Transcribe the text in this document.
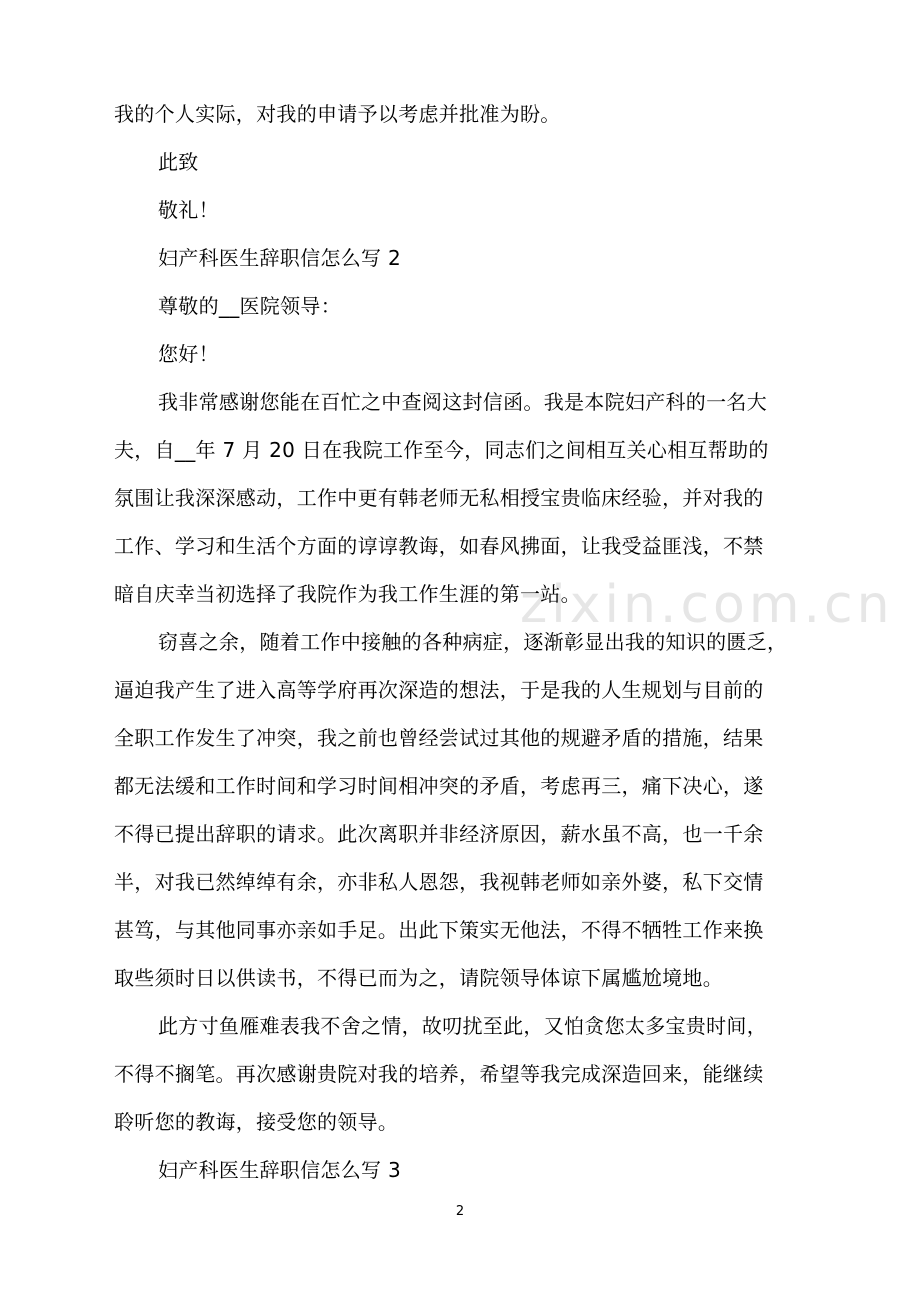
zixin.com.cn
我的个人实际，对我的申请予以考虑并批准为盼。
此致
敬礼！
妇产科医生辞职信怎么写 2
尊敬的__医院领导：
您好！
我非常感谢您能在百忙之中查阅这封信函。我是本院妇产科的一名大
夫，自__年 7 月 20 日在我院工作至今，同志们之间相互关心相互帮助的
氛围让我深深感动，工作中更有韩老师无私相授宝贵临床经验，并对我的
工作、学习和生活个方面的谆谆教诲，如春风拂面，让我受益匪浅，不禁
暗自庆幸当初选择了我院作为我工作生涯的第一站。
窃喜之余，随着工作中接触的各种病症，逐渐彰显出我的知识的匮乏，
逼迫我产生了进入高等学府再次深造的想法，于是我的人生规划与目前的
全职工作发生了冲突，我之前也曾经尝试过其他的规避矛盾的措施，结果
都无法缓和工作时间和学习时间相冲突的矛盾，考虑再三，痛下决心，遂
不得已提出辞职的请求。此次离职并非经济原因，薪水虽不高，也一千余
半，对我已然绰绰有余，亦非私人恩怨，我视韩老师如亲外婆，私下交情
甚笃，与其他同事亦亲如手足。出此下策实无他法，不得不牺牲工作来换
取些须时日以供读书，不得已而为之，请院领导体谅下属尴尬境地。
此方寸鱼雁难表我不舍之情，故叨扰至此，又怕贪您太多宝贵时间，
不得不搁笔。再次感谢贵院对我的培养，希望等我完成深造回来，能继续
聆听您的教诲，接受您的领导。
妇产科医生辞职信怎么写 3
2
